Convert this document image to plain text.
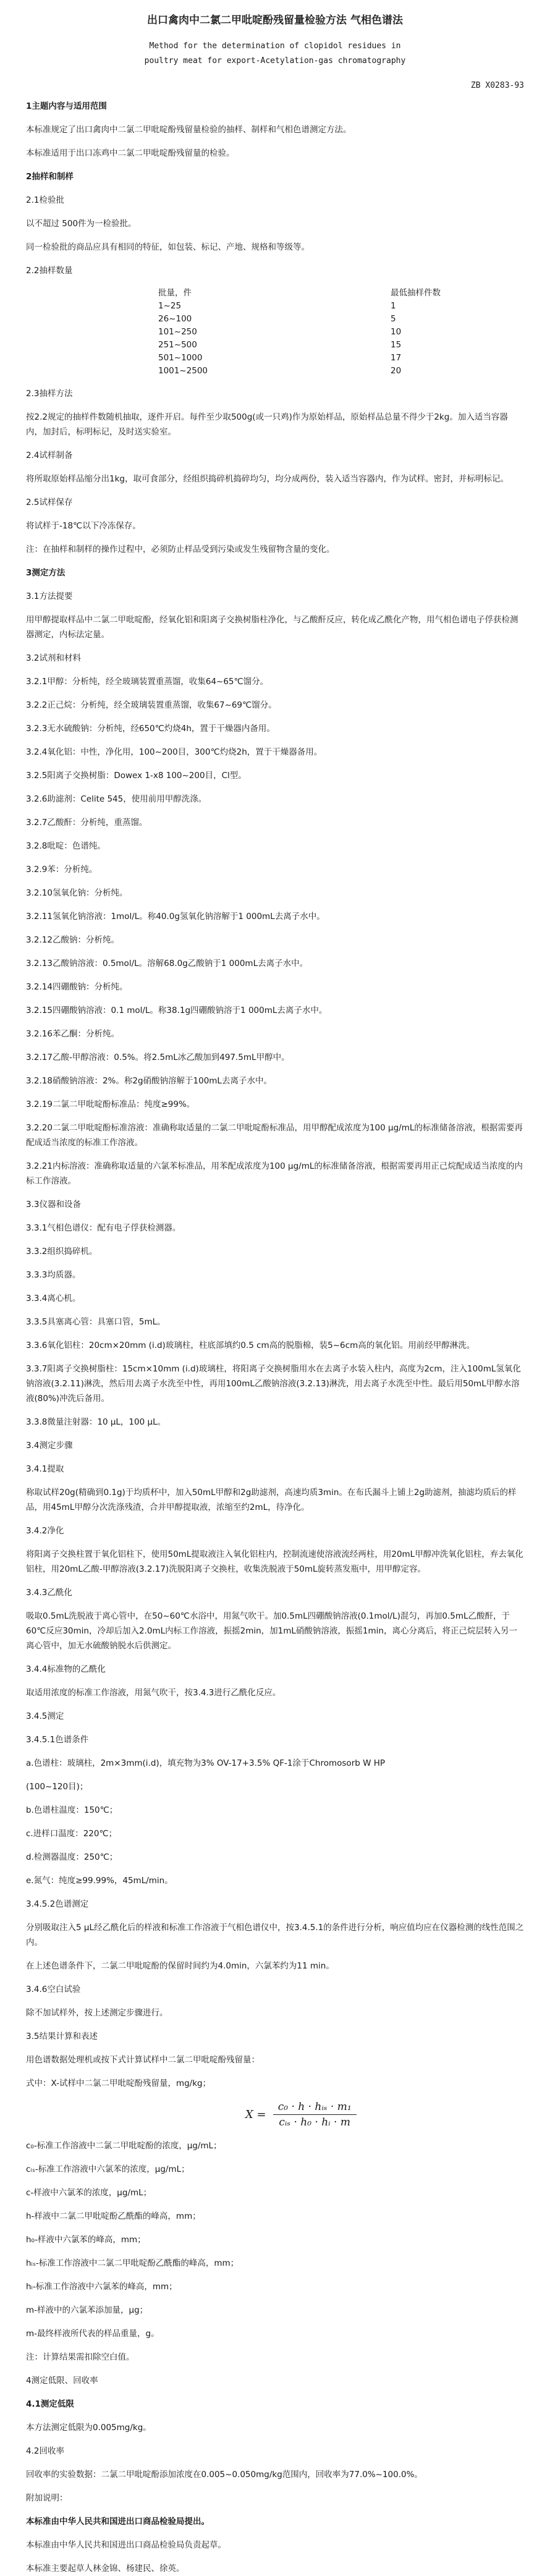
出口禽肉中二氯二甲吡啶酚残留量检验方法 气相色谱法
Method for the determination of clopidol residues in
poultry meat for export-Acetylation-gas chromatography
ZB X0283-93
1主题内容与适用范围
本标准规定了出口禽肉中二氯二甲吡啶酚残留量检验的抽样、制样和气相色谱测定方法。
本标准适用于出口冻鸡中二氯二甲吡啶酚残留量的检验。
2抽样和制样
2.1检验批
以不超过 500件为一检验批。
同一检验批的商品应具有相同的特征，如包装、标记、产地、规格和等级等。
2.2抽样数量
批量，件	最低抽样件数
1~25	1
26~100	5
101~250	10
251~500	15
501~1000	17
1001~2500	20
2.3抽样方法
按2.2规定的抽样件数随机抽取，逐件开启。每件至少取500g(或一只鸡)作为原始样品，原始样品总量不得少于2kg。加入适当容器内，加封后，标明标记，及时送实验室。
2.4试样制备
将所取原始样品缩分出1kg，取可食部分，经组织捣碎机捣碎均匀，均分成两份，装入适当容器内，作为试样。密封，并标明标记。
2.5试样保存
将试样于-18℃以下冷冻保存。
注：在抽样和制样的操作过程中，必须防止样品受到污染或发生残留物含量的变化。
3测定方法
3.1方法提要
用甲醇提取样品中二氯二甲吡啶酚，经氧化铝和阳离子交换树脂柱净化，与乙酸酐反应，转化成乙酰化产物，用气相色谱电子俘获检测器测定，内标法定量。
3.2试剂和材料
3.2.1甲醇：分析纯，经全玻璃装置重蒸馏，收集64~65℃馏分。
3.2.2正己烷：分析纯，经全玻璃装置重蒸馏，收集67~69℃馏分。
3.2.3无水硫酸钠：分析纯，经650℃灼烧4h，置于干燥器内备用。
3.2.4氧化铝：中性，净化用，100~200目，300℃灼烧2h，置于干燥器备用。
3.2.5阳离子交换树脂：Dowex 1-x8 100~200目，Cl型。
3.2.6助滤剂：Celite 545，使用前用甲醇洗涤。
3.2.7乙酸酐：分析纯，重蒸馏。
3.2.8吡啶：色谱纯。
3.2.9苯：分析纯。
3.2.10氢氧化钠：分析纯。
3.2.11氢氧化钠溶液：1mol/L。称40.0g氢氧化钠溶解于1 000mL去离子水中。
3.2.12乙酸钠：分析纯。
3.2.13乙酸钠溶液：0.5mol/L。溶解68.0g乙酸钠于1 000mL去离子水中。
3.2.14四硼酸钠：分析纯。
3.2.15四硼酸钠溶液：0.1 mol/L。称38.1g四硼酸钠溶于1 000mL去离子水中。
3.2.16苯乙酮：分析纯。
3.2.17乙酸-甲醇溶液：0.5%。将2.5mL冰乙酸加到497.5mL甲醇中。
3.2.18硝酸钠溶液：2%。称2g硝酸钠溶解于100mL去离子水中。
3.2.19二氯二甲吡啶酚标准品：纯度≥99%。
3.2.20二氯二甲吡啶酚标准溶液：准确称取适量的二氯二甲吡啶酚标准品，用甲醇配成浓度为100 μg/mL的标准储备溶液，根据需要再配成适当浓度的标准工作溶液。
3.2.21内标溶液：准确称取适量的六氯苯标准品，用苯配成浓度为100 μg/mL的标准储备溶液，根据需要再用正己烷配成适当浓度的内标工作溶液。
3.3仪器和设备
3.3.1气相色谱仪：配有电子俘获检测器。
3.3.2组织捣碎机。
3.3.3均质器。
3.3.4离心机。
3.3.5具塞离心管：具塞口管，5mL。
3.3.6氧化铝柱：20cm×20mm (i.d)玻璃柱，柱底部填约0.5 cm高的脱脂棉，装5~6cm高的氧化铝。用前经甲醇淋洗。
3.3.7阳离子交换树脂柱：15cm×10mm (i.d)玻璃柱，将阳离子交换树脂用水在去离子水装入柱内，高度为2cm，注入100mL氢氧化钠溶液(3.2.11)淋洗，然后用去离子水洗至中性，再用100mL乙酸钠溶液(3.2.13)淋洗，用去离子水洗至中性。最后用50mL甲醇水溶液(80%)冲洗后备用。
3.3.8微量注射器：10 μL，100 μL。
3.4测定步骤
3.4.1提取
称取试样20g(精确到0.1g)于均质杯中，加入50mL甲醇和2g助滤剂，高速均质3min。在布氏漏斗上铺上2g助滤剂，抽滤均质后的样品，用45mL甲醇分次洗涤残渣，合并甲醇提取液，浓缩至约2mL，待净化。
3.4.2净化
将阳离子交换柱置于氧化铝柱下，使用50mL提取液注入氧化铝柱内，控制流速使溶液流经两柱，用20mL甲醇冲洗氧化铝柱，弃去氧化铝柱，用20mL乙酸-甲醇溶液(3.2.17)洗脱阳离子交换柱，收集洗脱液于50mL旋转蒸发瓶中，用甲醇定容。
3.4.3乙酰化
吸取0.5mL洗脱液于离心管中，在50~60℃水浴中，用氮气吹干。加0.5mL四硼酸钠溶液(0.1mol/L)混匀，再加0.5mL乙酸酐，于60℃反应30min，冷却后加入2.0mL内标工作溶液，振摇2min，加1mL硝酸钠溶液，振摇1min，离心分离后，将正己烷层转入另一离心管中，加无水硫酸钠脱水后供测定。
3.4.4标准物的乙酰化
取适用浓度的标准工作溶液，用氮气吹干，按3.4.3进行乙酰化反应。
3.4.5测定
3.4.5.1色谱条件
a.色谱柱：玻璃柱，2m×3mm(i.d)，填充物为3% OV-17+3.5% QF-1涂于Chromosorb W HP
(100~120目)；
b.色谱柱温度：150℃；
c.进样口温度：220℃；
d.检测器温度：250℃；
e.氮气：纯度≥99.99%，45mL/min。
3.4.5.2色谱测定
分别吸取注入5 μL经乙酰化后的样液和标准工作溶液于气相色谱仪中，按3.4.5.1的条件进行分析，响应值均应在仪器检测的线性范围之内。
在上述色谱条件下，二氯二甲吡啶酚的保留时间约为4.0min，六氯苯约为11 min。
3.4.6空白试验
除不加试样外，按上述测定步骤进行。
3.5结果计算和表述
用色谱数据处理机或按下式计算试样中二氯二甲吡啶酚残留量：
式中：X-试样中二氯二甲吡啶酚残留量，mg/kg；
$X = \frac{\text{c₀ · h · hᵢₛ · m₁}}{\text{cᵢₛ · h₀ · hᵢ · m}}$
c₀-标准工作溶液中二氯二甲吡啶酚的浓度，μg/mL；
cᵢₛ-标准工作溶液中六氯苯的浓度，μg/mL；
c-样液中六氯苯的浓度，μg/mL；
h-样液中二氯二甲吡啶酚乙酰酯的峰高，mm；
h₀-样液中六氯苯的峰高，mm；
hᵢₛ-标准工作溶液中二氯二甲吡啶酚乙酰酯的峰高，mm；
hᵢ-标准工作溶液中六氯苯的峰高，mm；
m-样液中的六氯苯添加量，μg；
m-最终样液所代表的样品重量，g。
注：计算结果需扣除空白值。
4测定低限、回收率
4.1测定低限
本方法测定低限为0.005mg/kg。
4.2回收率
回收率的实验数据：二氯二甲吡啶酚添加浓度在0.005~0.050mg/kg范围内，回收率为77.0%~100.0%。
附加说明：
本标准由中华人民共和国进出口商品检验局提出。
本标准由中华人民共和国进出口商品检验局负责起草。
本标准主要起草人林金锦、杨建民、徐英。
